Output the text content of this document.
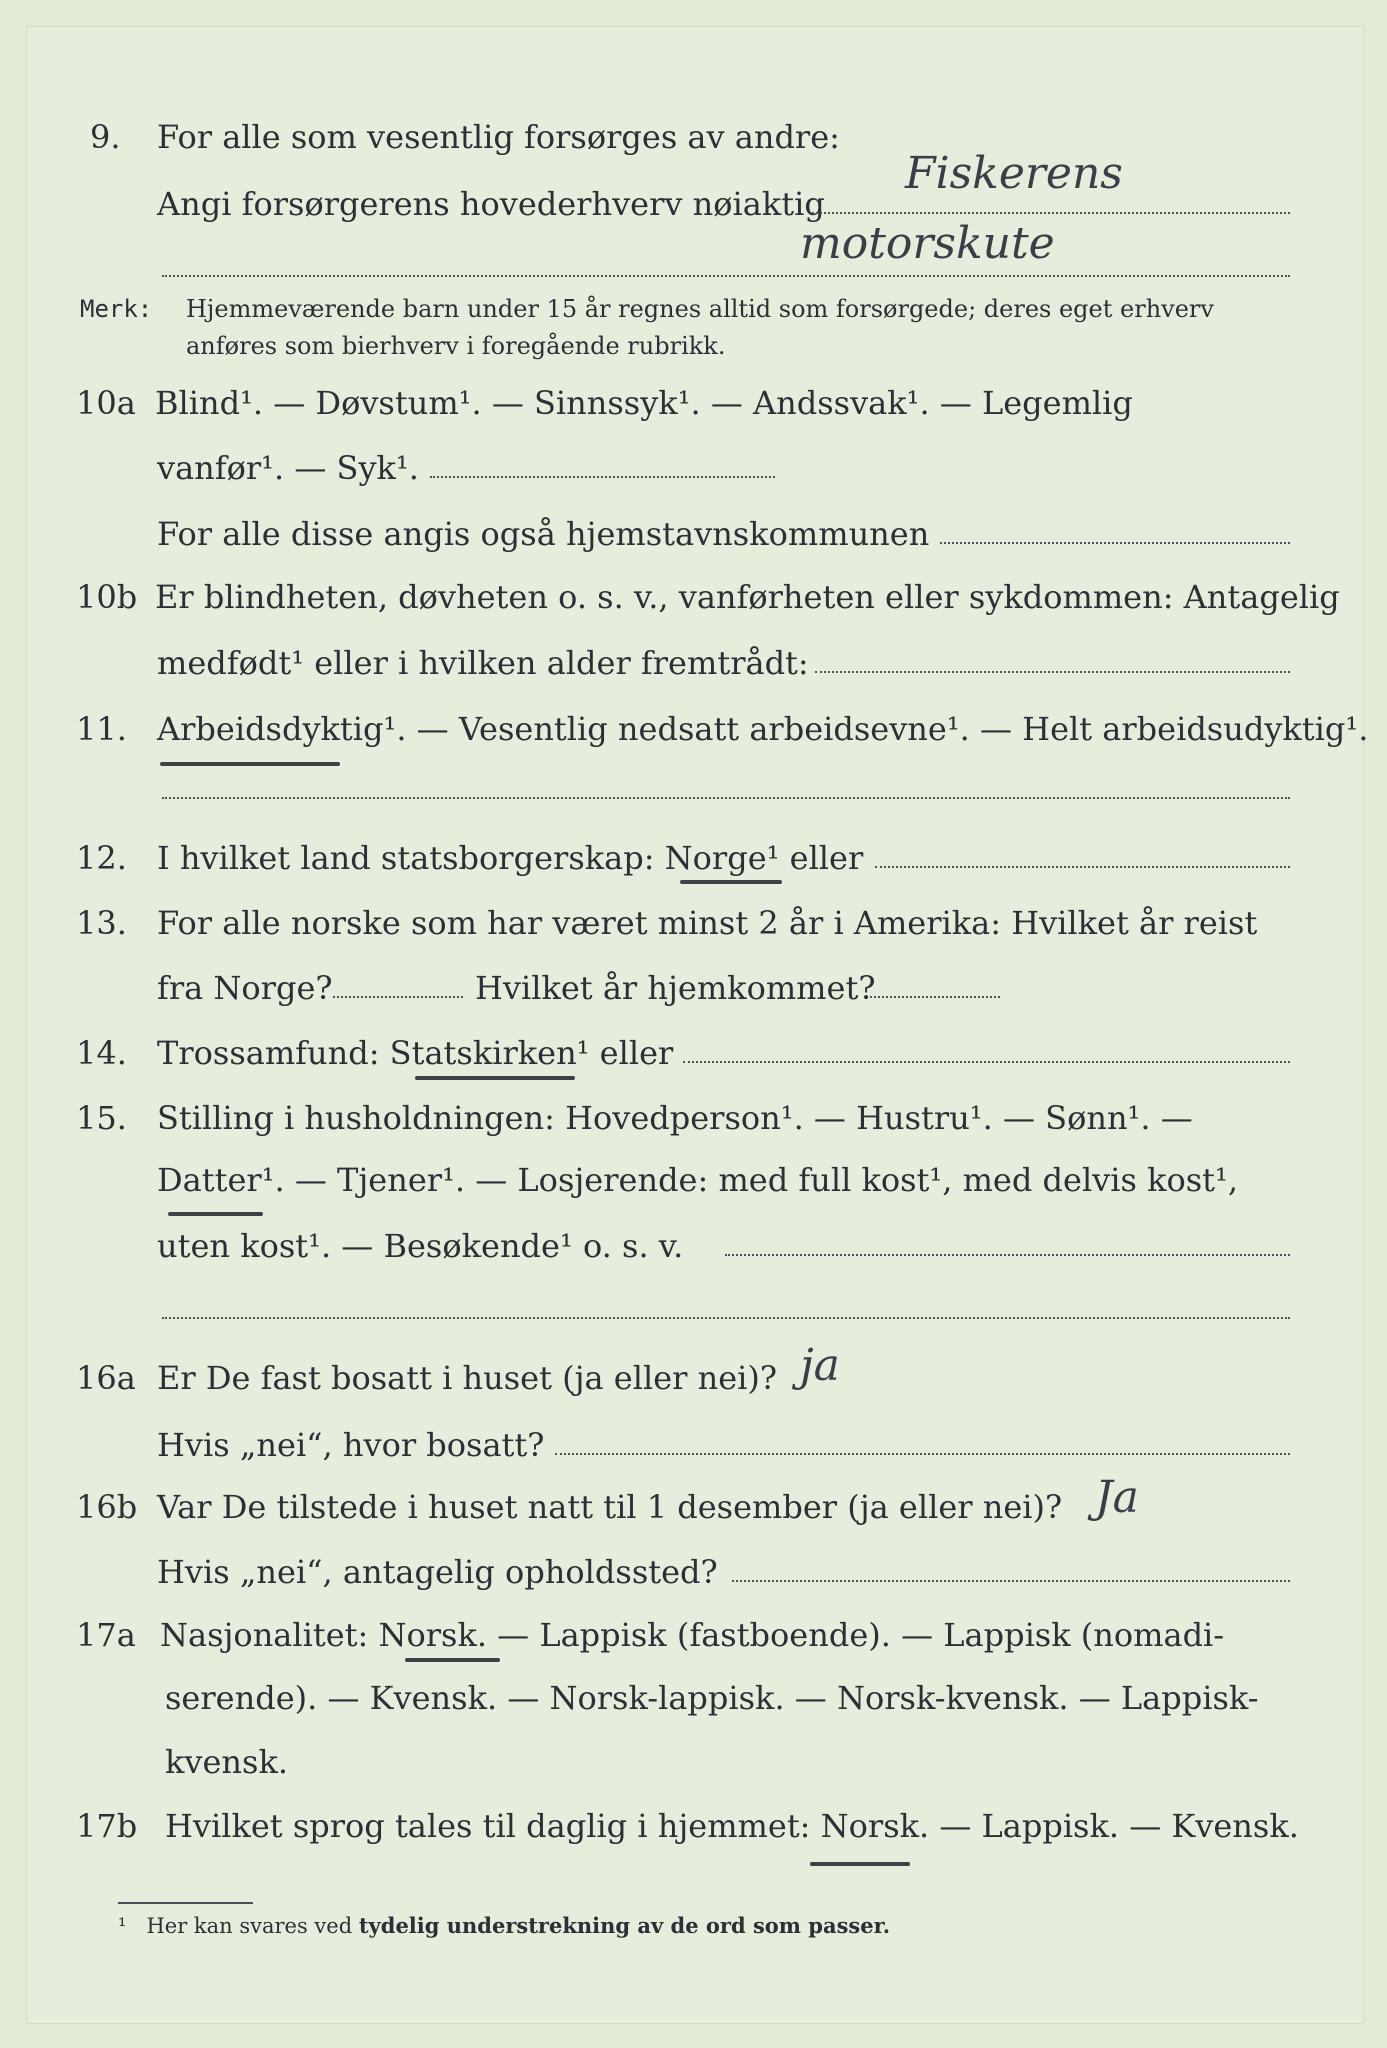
9.	For alle som vesentlig forsørges av andre:
Angi forsørgerens hovederhverv nøiaktig
Fiskerens
motorskute
Merk: Hjemmeværende barn under 15 år regnes alltid som forsørgede; deres eget erhverv
anføres som bierhverv i foregående rubrikk.
10a Blind¹. — Døvstum¹. — Sinnssyk¹. — Andssvak¹. — Legemlig
vanfør¹. — Syk¹.
For alle disse angis også hjemstavnskommunen
10b Er blindheten, døvheten o. s. v., vanførheten eller sykdommen: Antagelig
medfødt¹ eller i hvilken alder fremtrådt:
11. Arbeidsdyktig¹. — Vesentlig nedsatt arbeidsevne¹. — Helt arbeidsudyktig¹.
12. I hvilket land statsborgerskap: Norge¹ eller
13. For alle norske som har været minst 2 år i Amerika: Hvilket år reist
fra Norge?	Hvilket år hjemkommet?
14. Trossamfund: Statskirken¹ eller
15. Stilling i husholdningen: Hovedperson¹. — Hustru¹. — Sønn¹. —
Datter¹. — Tjener¹. — Losjerende: med full kost¹, med delvis kost¹,
uten kost¹. — Besøkende¹ o. s. v.
16a Er De fast bosatt i huset (ja eller nei)? ja
Hvis „nei“, hvor bosatt?
16b Var De tilstede i huset natt til 1 desember (ja eller nei)? Ja
Hvis „nei“, antagelig opholdssted?
17a Nasjonalitet: Norsk. — Lappisk (fastboende). — Lappisk (nomadi-
serende). — Kvensk. — Norsk-lappisk. — Norsk-kvensk. — Lappisk-
kvensk.
17b Hvilket sprog tales til daglig i hjemmet: Norsk. — Lappisk. — Kvensk.
¹ Her kan svares ved tydelig understrekning av de ord som passer.
